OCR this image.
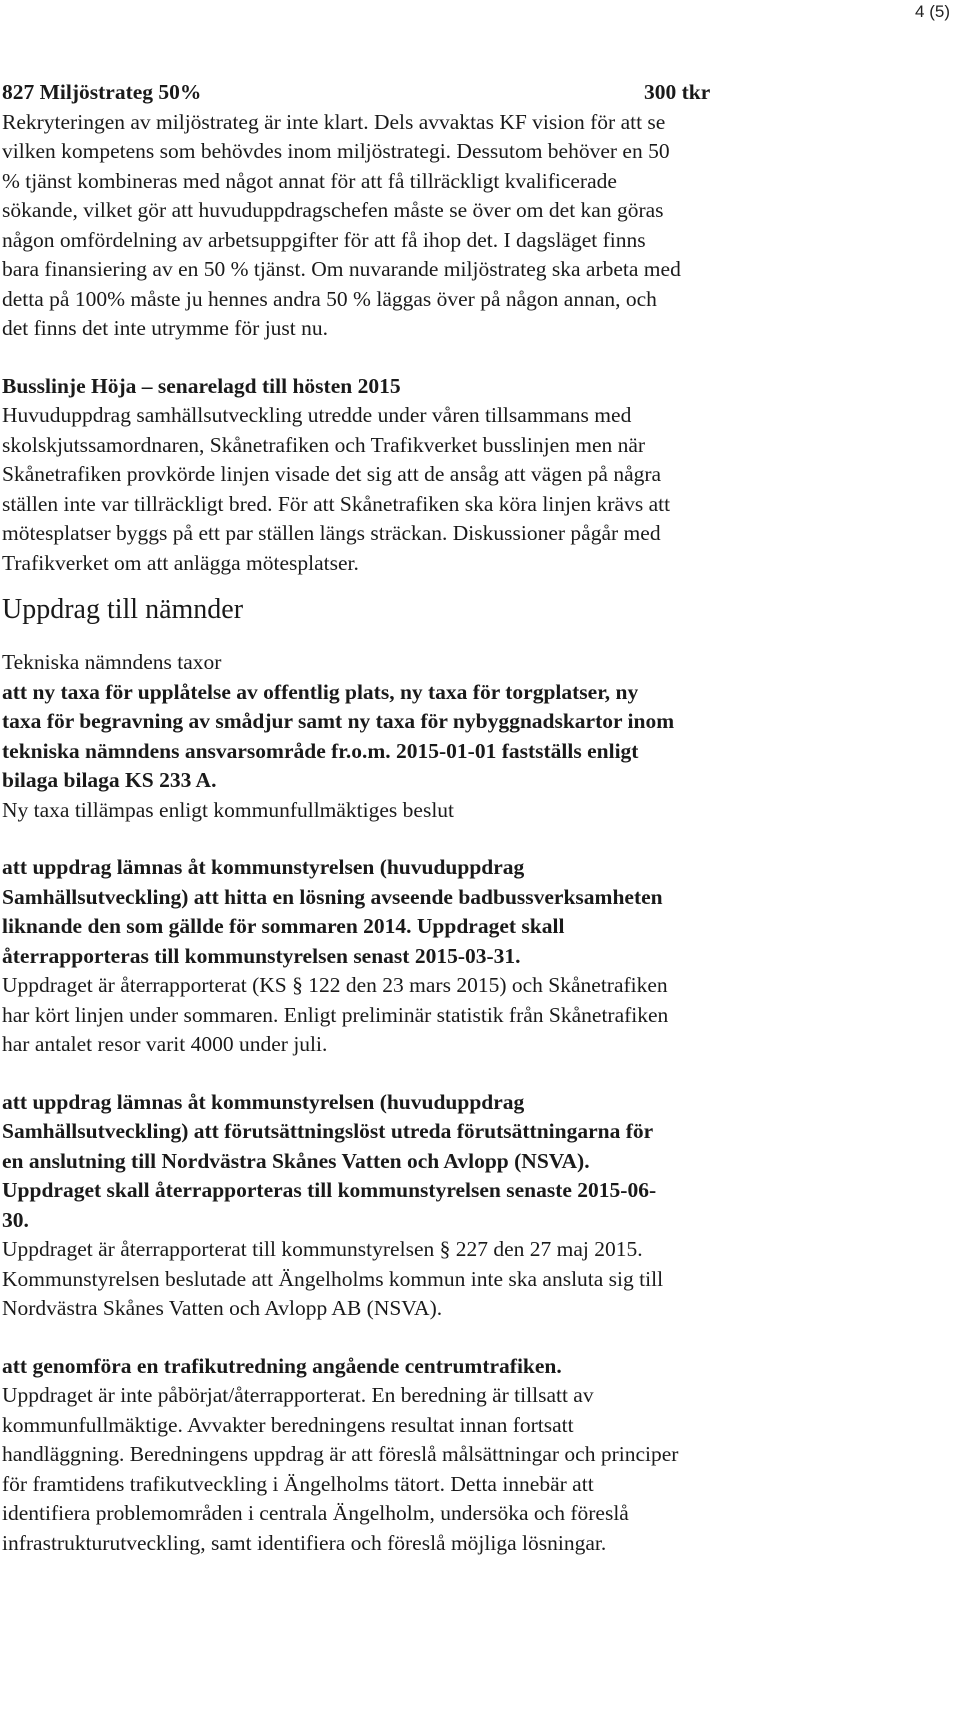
4 (5)
827 Miljöstrateg 50%	300 tkr
Rekryteringen av miljöstrateg är inte klart. Dels avvaktas KF vision för att se
vilken kompetens som behövdes inom miljöstrategi. Dessutom behöver en 50
% tjänst kombineras med något annat för att få tillräckligt kvalificerade
sökande, vilket gör att huvuduppdragschefen måste se över om det kan göras
någon omfördelning av arbetsuppgifter för att få ihop det. I dagsläget finns
bara finansiering av en 50 % tjänst. Om nuvarande miljöstrateg ska arbeta med
detta på 100% måste ju hennes andra 50 % läggas över på någon annan, och
det finns det inte utrymme för just nu.
Busslinje Höja – senarelagd till hösten 2015
Huvuduppdrag samhällsutveckling utredde under våren tillsammans med
skolskjutssamordnaren, Skånetrafiken och Trafikverket busslinjen men när
Skånetrafiken provkörde linjen visade det sig att de ansåg att vägen på några
ställen inte var tillräckligt bred. För att Skånetrafiken ska köra linjen krävs att
mötesplatser byggs på ett par ställen längs sträckan. Diskussioner pågår med
Trafikverket om att anlägga mötesplatser.
Uppdrag till nämnder
Tekniska nämndens taxor
att ny taxa för upplåtelse av offentlig plats, ny taxa för torgplatser, ny
taxa för begravning av smådjur samt ny taxa för nybyggnadskartor inom
tekniska nämndens ansvarsområde fr.o.m. 2015-01-01 fastställs enligt
bilaga bilaga KS 233 A.
Ny taxa tillämpas enligt kommunfullmäktiges beslut
att uppdrag lämnas åt kommunstyrelsen (huvuduppdrag
Samhällsutveckling) att hitta en lösning avseende badbussverksamheten
liknande den som gällde för sommaren 2014. Uppdraget skall
återrapporteras till kommunstyrelsen senast 2015-03-31.
Uppdraget är återrapporterat (KS § 122 den 23 mars 2015) och Skånetrafiken
har kört linjen under sommaren. Enligt preliminär statistik från Skånetrafiken
har antalet resor varit 4000 under juli.
att uppdrag lämnas åt kommunstyrelsen (huvuduppdrag
Samhällsutveckling) att förutsättningslöst utreda förutsättningarna för
en anslutning till Nordvästra Skånes Vatten och Avlopp (NSVA).
Uppdraget skall återrapporteras till kommunstyrelsen senaste 2015-06-
30.
Uppdraget är återrapporterat till kommunstyrelsen § 227 den 27 maj 2015.
Kommunstyrelsen beslutade att Ängelholms kommun inte ska ansluta sig till
Nordvästra Skånes Vatten och Avlopp AB (NSVA).
att genomföra en trafikutredning angående centrumtrafiken.
Uppdraget är inte påbörjat/återrapporterat. En beredning är tillsatt av
kommunfullmäktige. Avvakter beredningens resultat innan fortsatt
handläggning. Beredningens uppdrag är att föreslå målsättningar och principer
för framtidens trafikutveckling i Ängelholms tätort. Detta innebär att
identifiera problemområden i centrala Ängelholm, undersöka och föreslå
infrastrukturutveckling, samt identifiera och föreslå möjliga lösningar.
